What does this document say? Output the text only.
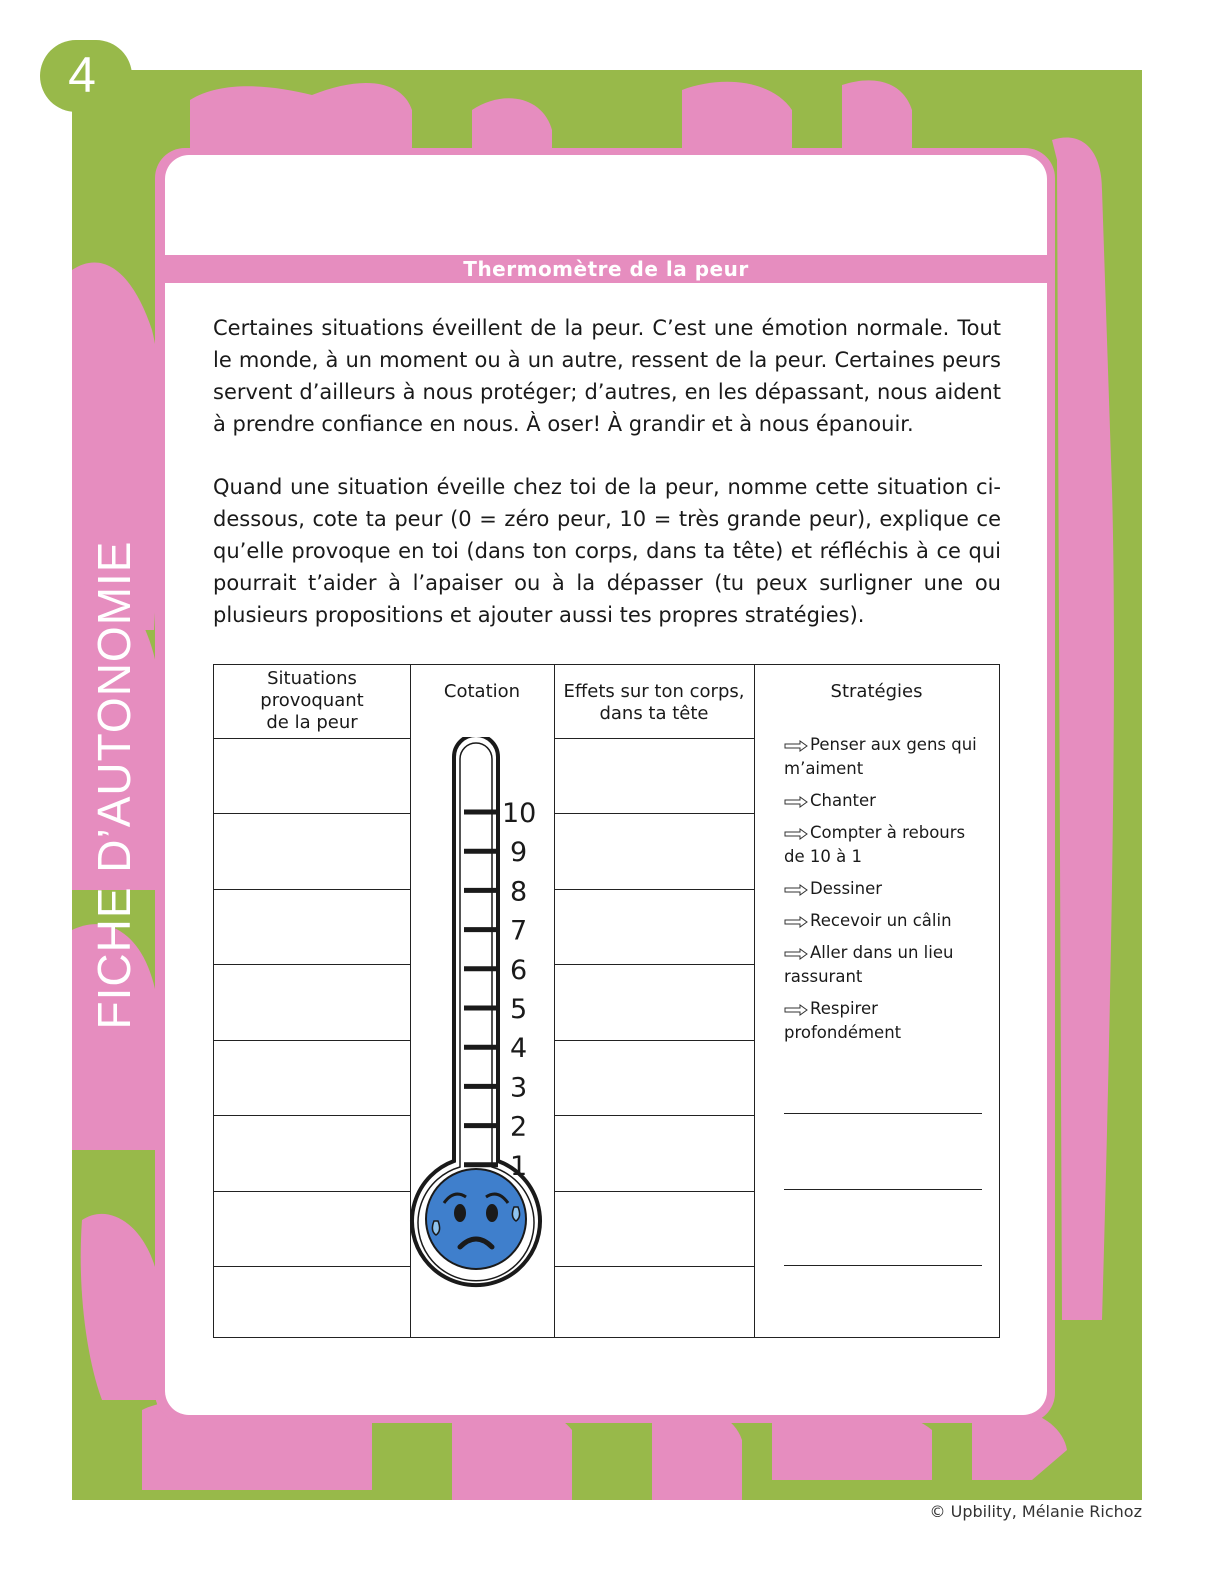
4
FICHE D’AUTONOMIE
Thermomètre de la peur

Certaines situations éveillent de la peur. C’est une émotion normale. Tout le monde, à un moment ou à un autre, ressent de la peur. Certaines peurs servent d’ailleurs à nous protéger; d’autres, en les dépassant, nous aident à prendre confiance en nous. À oser! À grandir et à nous épanouir.

Quand une situation éveille chez toi de la peur, nomme cette situation ci-dessous, cote ta peur (0 = zéro peur, 10 = très grande peur), explique ce qu’elle provoque en toi (dans ton corps, dans ta tête) et réfléchis à ce qui pourrait t’aider à l’apaiser ou à la dépasser (tu peux surligner une ou plusieurs propositions et ajouter aussi tes propres stratégies).

Situations
provoquant
de la peur
Cotation	Effets sur ton corps,
dans ta tête
Stratégies
10
9
8
7
6
5
4
3
2
1
Penser aux gens qui m’aiment
Chanter
Compter à rebours de 10 à 1
Dessiner
Recevoir un câlin
Aller dans un lieu rassurant
Respirer profondément
© Upbility, Mélanie Richoz
